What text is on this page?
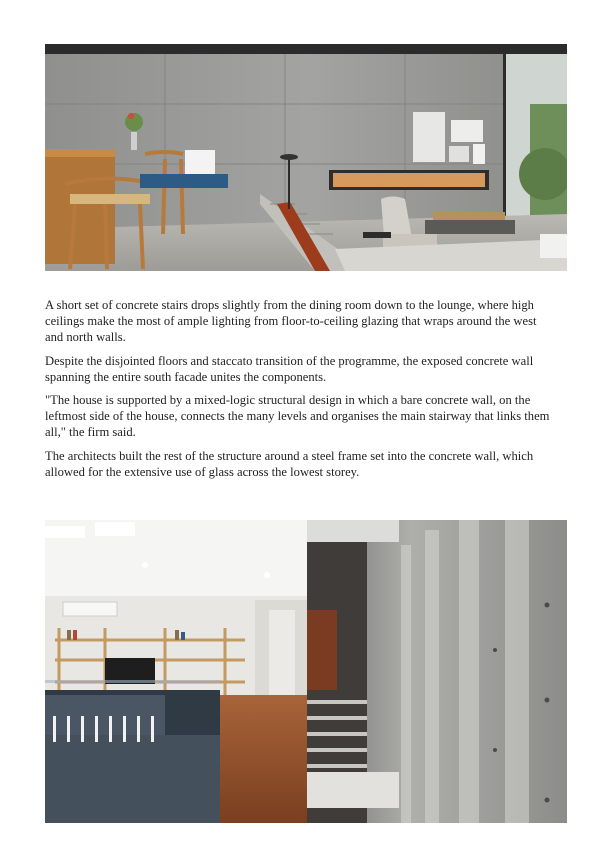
A short set of concrete stairs drops slightly from the dining room down to the lounge, where high ceilings make the most of ample lighting from floor-to-ceiling glazing that wraps around the west and north walls.

Despite the disjointed floors and staccato transition of the programme, the exposed concrete wall spanning the entire south facade unites the components.

"The house is supported by a mixed-logic structural design in which a bare concrete wall, on the leftmost side of the house, connects the many levels and organises the main stairway that links them all," the firm said.

The architects built the rest of the structure around a steel frame set into the concrete wall, which allowed for the extensive use of glass across the lowest storey.
